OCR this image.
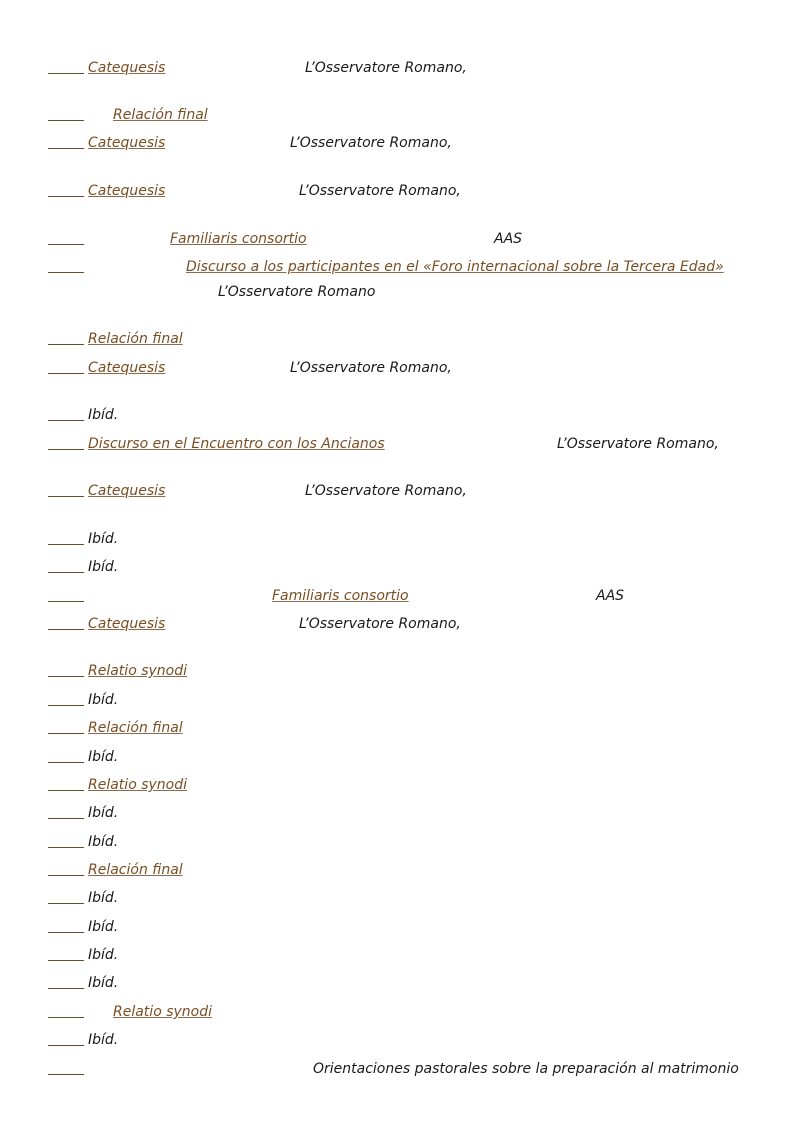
Catequesis	L’Osservatore Romano,
Relación final
Catequesis	L’Osservatore Romano,
Catequesis	L’Osservatore Romano,
Familiaris consortio	AAS
Discurso a los participantes en el «Foro internacional sobre la Tercera Edad»
L’Osservatore Romano
Relación final
Catequesis	L’Osservatore Romano,
Ibíd.
Discurso en el Encuentro con los Ancianos	L’Osservatore Romano,
Catequesis	L’Osservatore Romano,
Ibíd.
Ibíd.
Familiaris consortio	AAS
Catequesis	L’Osservatore Romano,
Relatio synodi
Ibíd.
Relación final
Ibíd.
Relatio synodi
Ibíd.
Ibíd.
Relación final
Ibíd.
Ibíd.
Ibíd.
Ibíd.
Relatio synodi
Ibíd.
Orientaciones pastorales sobre la preparación al matrimonio
